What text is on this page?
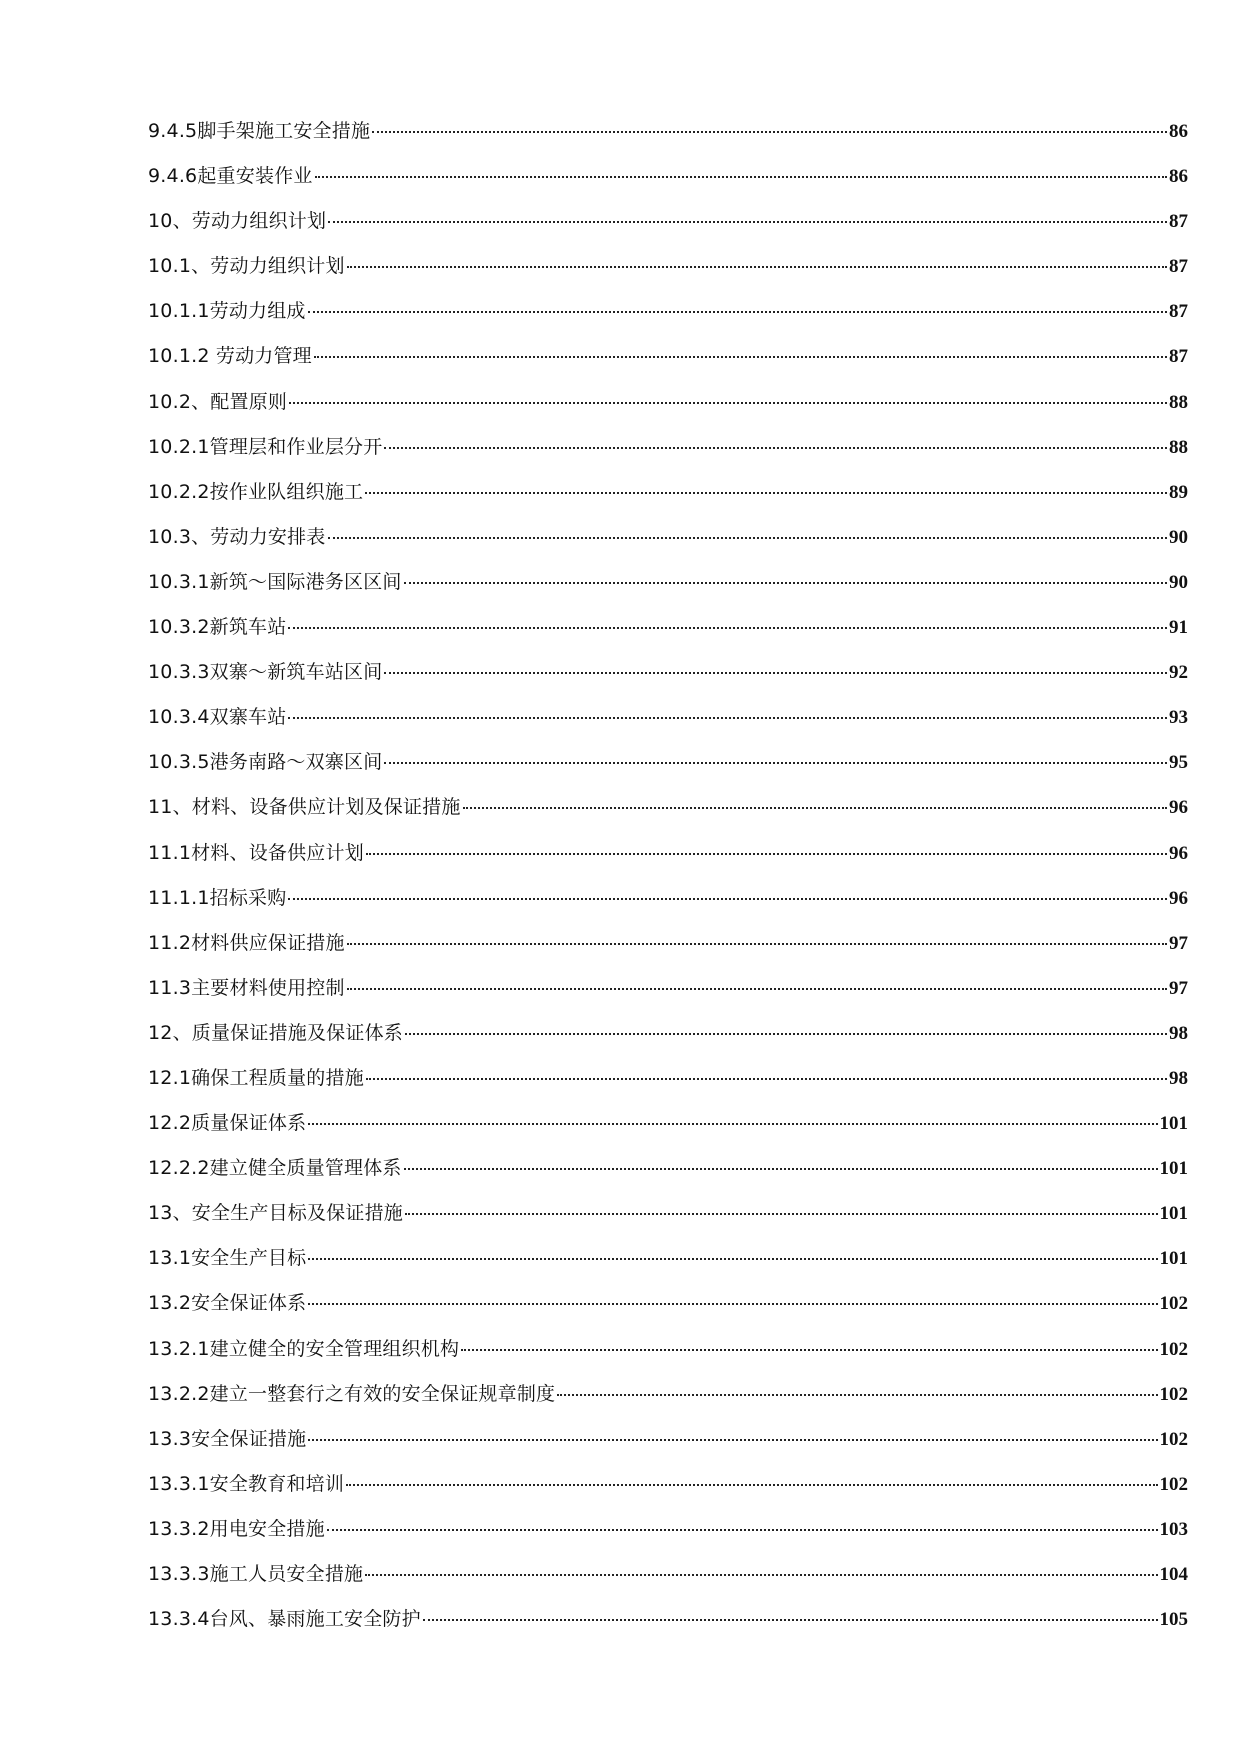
9.4.5脚手架施工安全措施	86
9.4.6起重安装作业	86
10、劳动力组织计划	87
10.1、劳动力组织计划	87
10.1.1劳动力组成	87
10.1.2 劳动力管理	87
10.2、配置原则	88
10.2.1管理层和作业层分开	88
10.2.2按作业队组织施工	89
10.3、劳动力安排表	90
10.3.1新筑～国际港务区区间	90
10.3.2新筑车站	91
10.3.3双寨～新筑车站区间	92
10.3.4双寨车站	93
10.3.5港务南路～双寨区间	95
11、材料、设备供应计划及保证措施	96
11.1材料、设备供应计划	96
11.1.1招标采购	96
11.2材料供应保证措施	97
11.3主要材料使用控制	97
12、质量保证措施及保证体系	98
12.1确保工程质量的措施	98
12.2质量保证体系	101
12.2.2建立健全质量管理体系	101
13、安全生产目标及保证措施	101
13.1安全生产目标	101
13.2安全保证体系	102
13.2.1建立健全的安全管理组织机构	102
13.2.2建立一整套行之有效的安全保证规章制度	102
13.3安全保证措施	102
13.3.1安全教育和培训	102
13.3.2用电安全措施	103
13.3.3施工人员安全措施	104
13.3.4台风、暴雨施工安全防护	105
